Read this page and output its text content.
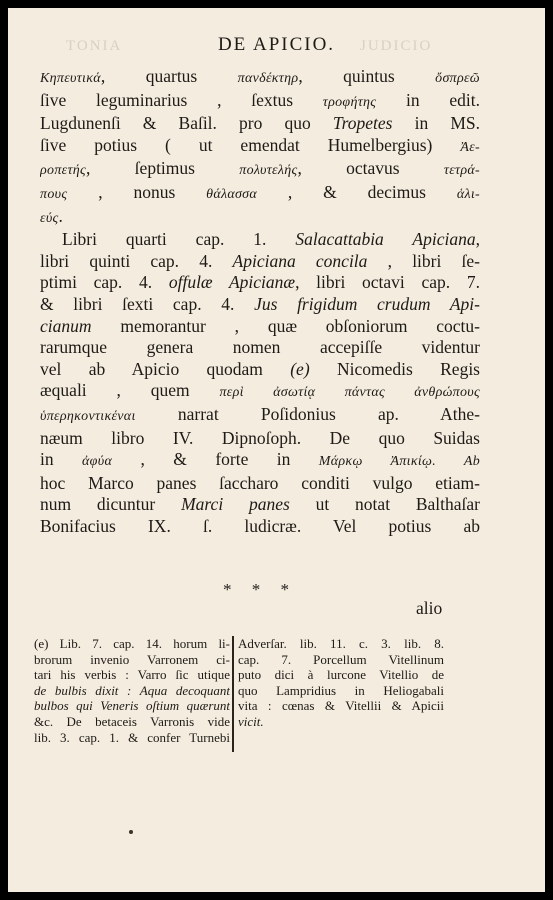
TONIA	JUDICIO
DE APICIO.
Κηπευτικά, quartus πανδέκτηρ, quintus ὄσπρεῶ
ſive leguminarius , ſextus τροφήτης in edit.
Lugdunenſi & Baſil. pro quo Tropetes in MS.
ſive potius ( ut emendat Humelbergius) Ἀε-
ροπετής, ſeptimus πολυτελής, octavus τετρά-
πους , nonus θάλασσα , & decimus ἁλι-
εύς.
Libri quarti cap. 1. Salacattabia Apiciana,
libri quinti cap. 4. Apiciana concila , libri ſe-
ptimi cap. 4. offulæ Apicianæ, libri octavi cap. 7.
& libri ſexti cap. 4. Jus frigidum crudum Api-
cianum memorantur , quæ obſoniorum coctu-
rarumque genera nomen accepiſſe videntur
vel ab Apicio quodam (e) Nicomedis Regis
æquali , quem περὶ ἀσωτίᾳ πάντας ἀνθρώπους
ὑπερηκοντικέναι narrat Poſidonius ap. Athe-
næum libro IV. Dipnoſoph. De quo Suidas
in ἀφύα , & forte in Μάρκῳ Ἀπικίῳ. Ab
hoc Marco panes ſaccharo conditi vulgo etiam-
num dicuntur Marci panes ut notat Balthaſar
Bonifacius IX. ſ. ludicræ. Vel potius ab
* * *
alio
(e) Lib. 7. cap. 14. horum li-
brorum invenio Varronem ci-
tari his verbis : Varro ſic utique
de bulbis dixit : Aqua decoquant
bulbos qui Veneris oſtium quærunt
&c. De betaceis Varronis vide
lib. 3. cap. 1. & confer Turnebi
Adverſar. lib. 11. c. 3. lib. 8.
cap. 7. Porcellum Vitellinum
puto dici à lurcone Vitellio de
quo Lampridius in Heliogabali
vita : cœnas & Vitellii & Apicii
vicit.
